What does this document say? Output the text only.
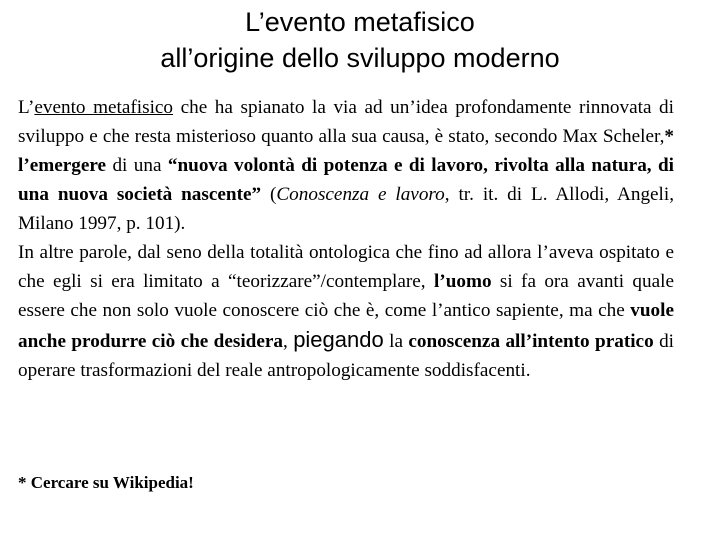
L’evento metafisico
all’origine dello sviluppo moderno

L’evento metafisico che ha spianato la via ad un’idea profondamente rinnovata di sviluppo e che resta misterioso quanto alla sua causa, è stato, secondo Max Scheler,* l’emergere di una “nuova volontà di potenza e di lavoro, rivolta alla natura, di una nuova società nascente” (Conoscenza e lavoro, tr. it. di L. Allodi, Angeli, Milano 1997, p. 101).

In altre parole, dal seno della totalità ontologica che fino ad allora l’aveva ospitato e che egli si era limitato a “teorizzare”/contemplare, l’uomo si fa ora avanti quale essere che non solo vuole conoscere ciò che è, come l’antico sapiente, ma che vuole anche produrre ciò che desidera, piegando la conoscenza all’intento pratico di operare trasformazioni del reale antropologicamente soddisfacenti.

* Cercare su Wikipedia!
